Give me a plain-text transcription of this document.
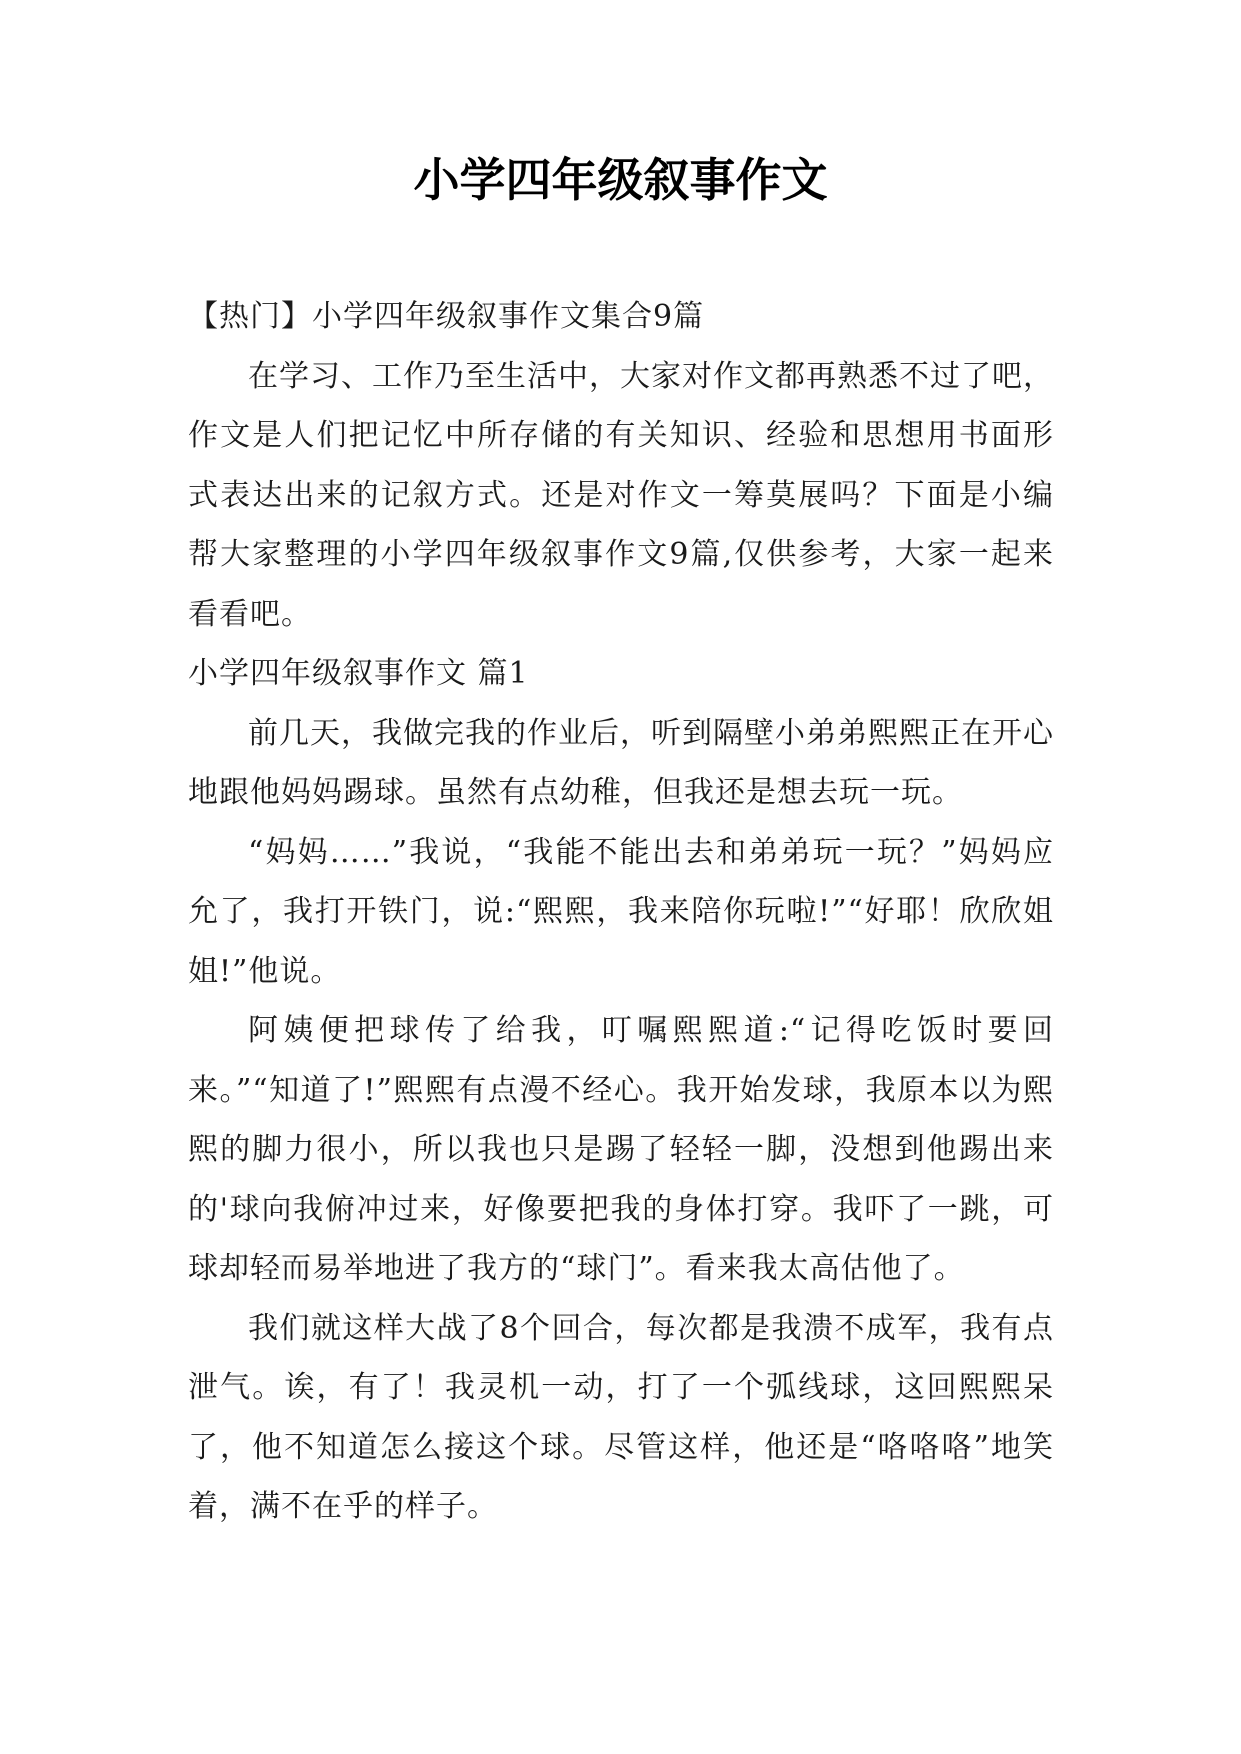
小学四年级叙事作文

【热门】小学四年级叙事作文集合9篇

在学习、工作乃至生活中，大家对作文都再熟悉不过了吧，作文是人们把记忆中所存储的有关知识、经验和思想用书面形式表达出来的记叙方式。还是对作文一筹莫展吗？下面是小编帮大家整理的小学四年级叙事作文9篇,仅供参考，大家一起来看看吧。

小学四年级叙事作文 篇1

前几天，我做完我的作业后，听到隔壁小弟弟熙熙正在开心地跟他妈妈踢球。虽然有点幼稚，但我还是想去玩一玩。

“妈妈……”我说，“我能不能出去和弟弟玩一玩？”妈妈应允了，我打开铁门，说:“熙熙，我来陪你玩啦!”“好耶！欣欣姐姐!”他说。

阿姨便把球传了给我，叮嘱熙熙道:“记得吃饭时要回来。”“知道了!”熙熙有点漫不经心。我开始发球，我原本以为熙熙的脚力很小，所以我也只是踢了轻轻一脚，没想到他踢出来的'球向我俯冲过来，好像要把我的身体打穿。我吓了一跳，可球却轻而易举地进了我方的“球门”。看来我太高估他了。

我们就这样大战了8个回合，每次都是我溃不成军，我有点泄气。诶，有了！我灵机一动，打了一个弧线球，这回熙熙呆了，他不知道怎么接这个球。尽管这样，他还是“咯咯咯”地笑着，满不在乎的样子。
